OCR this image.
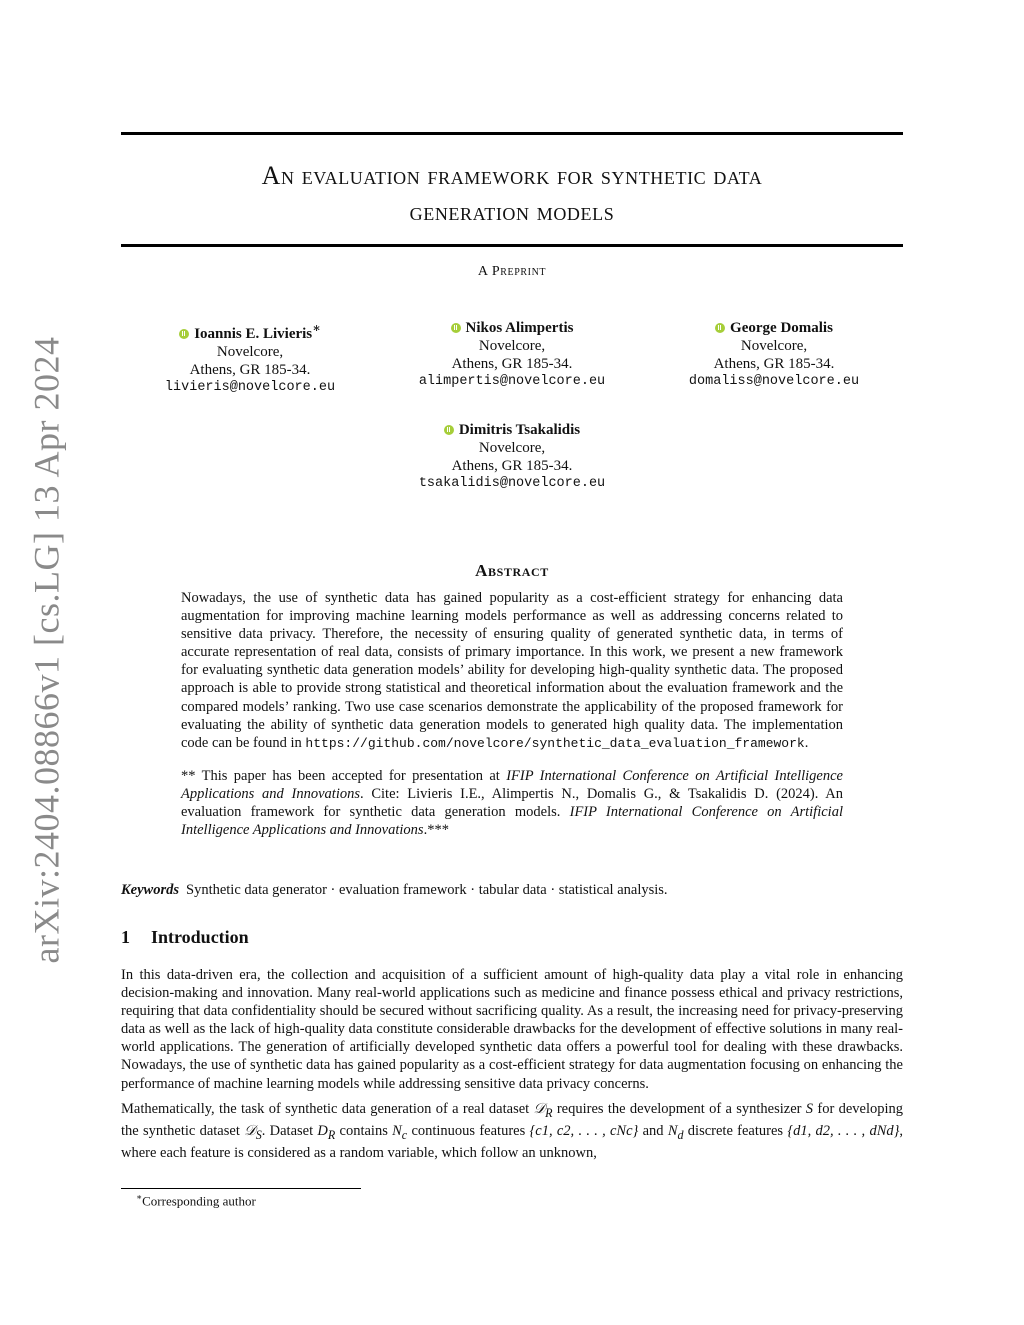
arXiv:2404.08866v1 [cs.LG] 13 Apr 2024
An evaluation framework for synthetic data
generation models
A Preprint
Ioannis E. Livieris∗
Novelcore,
Athens, GR 185-34.
livieris@novelcore.eu
Nikos Alimpertis
Novelcore,
Athens, GR 185-34.
alimpertis@novelcore.eu
George Domalis
Novelcore,
Athens, GR 185-34.
domaliss@novelcore.eu
Dimitris Tsakalidis
Novelcore,
Athens, GR 185-34.
tsakalidis@novelcore.eu
Abstract

Nowadays, the use of synthetic data has gained popularity as a cost-efficient strategy for enhancing data augmentation for improving machine learning models performance as well as addressing concerns related to sensitive data privacy. Therefore, the necessity of ensuring quality of generated synthetic data, in terms of accurate representation of real data, consists of primary importance. In this work, we present a new framework for evaluating synthetic data generation models’ ability for developing high-quality synthetic data. The proposed approach is able to provide strong statistical and theoretical information about the evaluation framework and the compared models’ ranking. Two use case scenarios demonstrate the applicability of the proposed framework for evaluating the ability of synthetic data generation models to generated high quality data. The implementation code can be found in https://github.com/novelcore/synthetic_data_evaluation_framework.

** This paper has been accepted for presentation at IFIP International Conference on Artificial Intelligence Applications and Innovations. Cite: Livieris I.E., Alimpertis N., Domalis G., & Tsakalidis D. (2024). An evaluation framework for synthetic data generation models. IFIP International Conference on Artificial Intelligence Applications and Innovations.***

Keywords Synthetic data generator · evaluation framework · tabular data · statistical analysis.
1 Introduction

In this data-driven era, the collection and acquisition of a sufficient amount of high-quality data play a vital role in enhancing decision-making and innovation. Many real-world applications such as medicine and finance possess ethical and privacy restrictions, requiring that data confidentiality should be secured without sacrificing quality. As a result, the increasing need for privacy-preserving data as well as the lack of high-quality data constitute considerable drawbacks for the development of effective solutions in many real-world applications. The generation of artificially developed synthetic data offers a powerful tool for dealing with these drawbacks. Nowadays, the use of synthetic data has gained popularity as a cost-efficient strategy for data augmentation focusing on enhancing the performance of machine learning models while addressing sensitive data privacy concerns.

Mathematically, the task of synthetic data generation of a real dataset 𝒟$_R$ requires the development of a synthesizer S for developing the synthetic dataset 𝒟$_S$. Dataset $D_R$ contains $N_c$ continuous features {c1, c2, . . . , cNc} and $N_d$ discrete features {d1, d2, . . . , dNd}, where each feature is considered as a random variable, which follow an unknown,

∗Corresponding author
